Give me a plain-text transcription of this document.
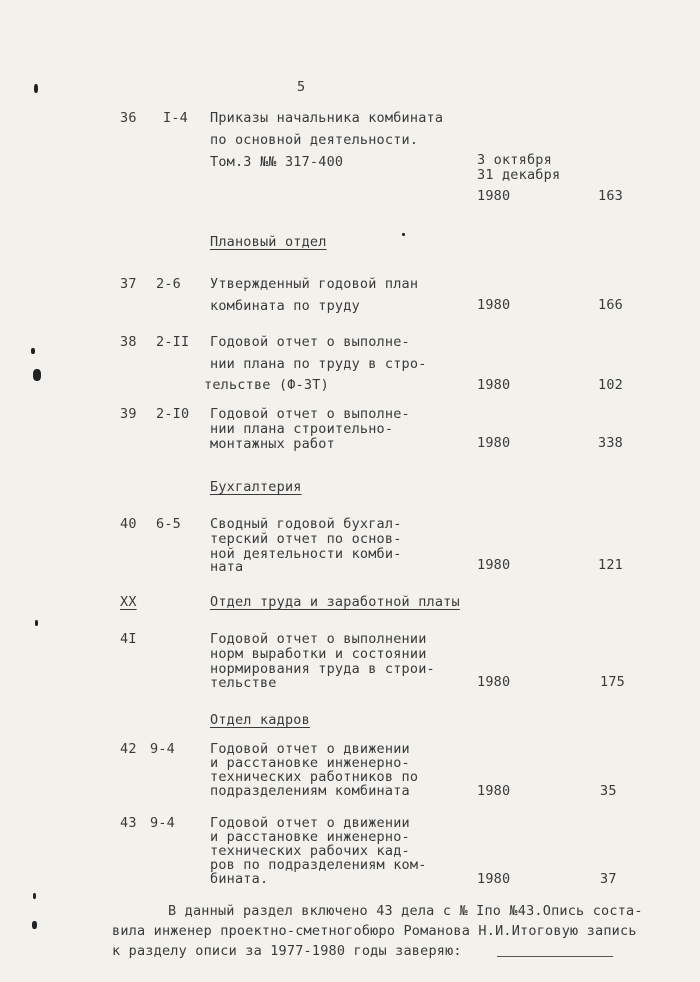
5
36 I-4 Приказы начальника комбината
по основной деятельности.
Том.3 №№ 317-400	3 октября
31 декабря
1980	163
Плановый отдел
37 2-6 Утвержденный годовой план
комбината по труду	1980	166
38 2-II Годовой отчет о выполне-
нии плана по труду в стро-
тельстве (Ф-3Т)	1980	102
39 2-I0 Годовой отчет о выполне-
нии плана строительно-
монтажных работ	1980	338
Бухгалтерия
40 6-5 Сводный годовой бухгал-
терский отчет по основ-
ной деятельности комби-
ната	1980	121
XX	Отдел труда и заработной платы
4I	Годовой отчет о выполнении
норм выработки и состоянии
нормирования труда в строи-
тельстве	1980	175
Отдел кадров
42 9-4	Годовой отчет о движении
и расстановке инженерно-
технических работников по
подразделениям комбината	1980	35
43 9-4	Годовой отчет о движении
и расстановке инженерно-
технических рабочих кад-
ров по подразделениям ком-
бината.	1980	37
В данный раздел включено 43 дела с № Iпо №43.Опись соста-
вила инженер проектно-сметногобюро Романова Н.И.Итоговую запись
к разделу описи за 1977-1980 годы заверяю:
